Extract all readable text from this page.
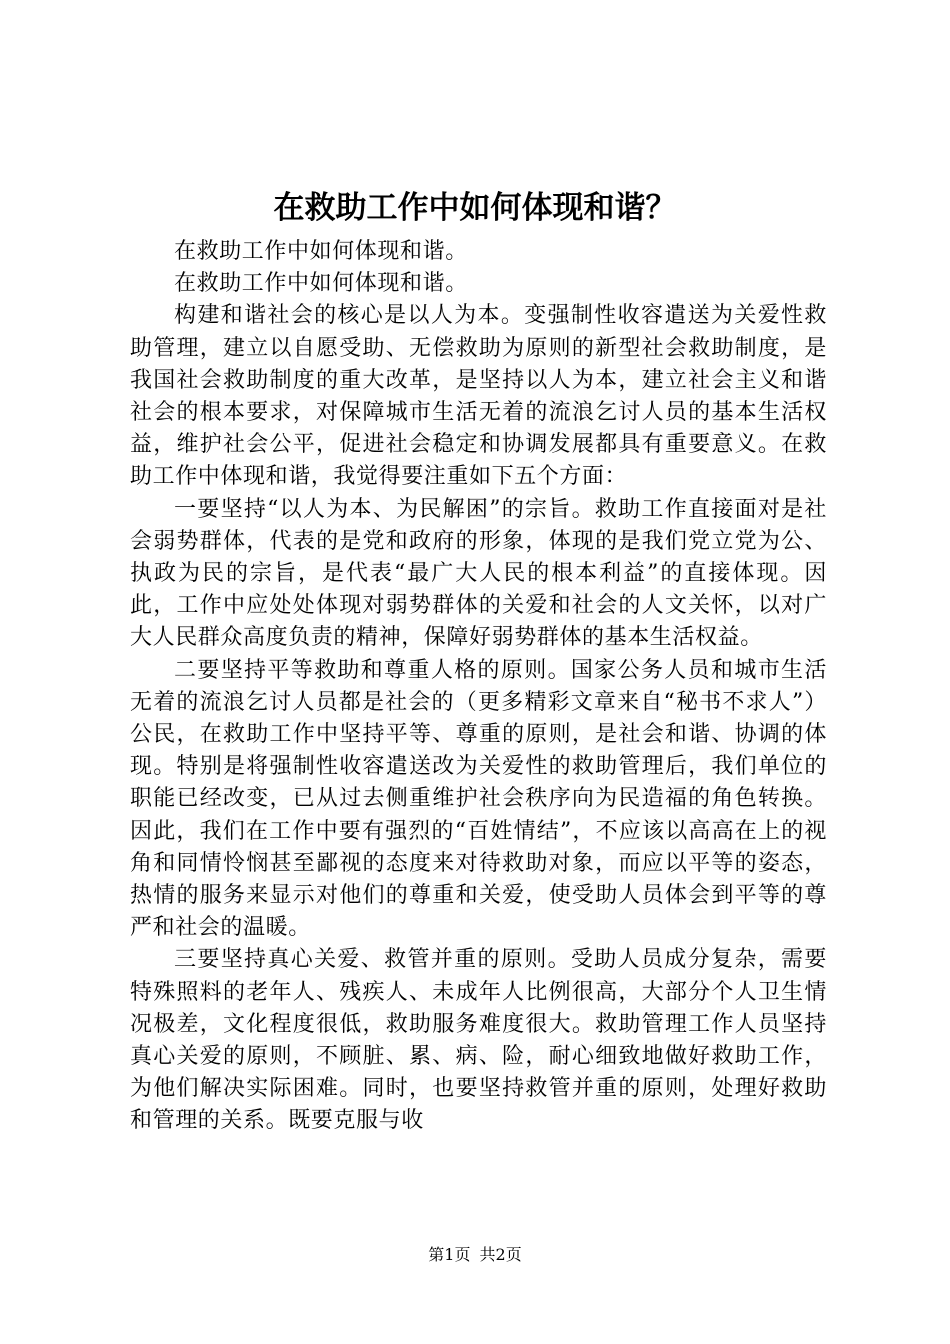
在救助工作中如何体现和谐？

在救助工作中如何体现和谐。

在救助工作中如何体现和谐。

构建和谐社会的核心是以人为本。变强制性收容遣送为关爱性救助管理，建立以自愿受助、无偿救助为原则的新型社会救助制度，是我国社会救助制度的重大改革，是坚持以人为本，建立社会主义和谐社会的根本要求，对保障城市生活无着的流浪乞讨人员的基本生活权益，维护社会公平，促进社会稳定和协调发展都具有重要意义。在救助工作中体现和谐，我觉得要注重如下五个方面：

一要坚持“以人为本、为民解困”的宗旨。救助工作直接面对是社会弱势群体，代表的是党和政府的形象，体现的是我们党立党为公、执政为民的宗旨，是代表“最广大人民的根本利益”的直接体现。因此，工作中应处处体现对弱势群体的关爱和社会的人文关怀，以对广大人民群众高度负责的精神，保障好弱势群体的基本生活权益。

二要坚持平等救助和尊重人格的原则。国家公务人员和城市生活无着的流浪乞讨人员都是社会的（更多精彩文章来自“秘书不求人”）公民，在救助工作中坚持平等、尊重的原则，是社会和谐、协调的体现。特别是将强制性收容遣送改为关爱性的救助管理后，我们单位的职能已经改变，已从过去侧重维护社会秩序向为民造福的角色转换。因此，我们在工作中要有强烈的“百姓情结”，不应该以高高在上的视角和同情怜悯甚至鄙视的态度来对待救助对象，而应以平等的姿态，热情的服务来显示对他们的尊重和关爱，使受助人员体会到平等的尊严和社会的温暖。

三要坚持真心关爱、救管并重的原则。受助人员成分复杂，需要特殊照料的老年人、残疾人、未成年人比例很高，大部分个人卫生情况极差，文化程度很低，救助服务难度很大。救助管理工作人员坚持真心关爱的原则，不顾脏、累、病、险，耐心细致地做好救助工作，为他们解决实际困难。同时，也要坚持救管并重的原则，处理好救助和管理的关系。既要克服与收

第1页 共2页
